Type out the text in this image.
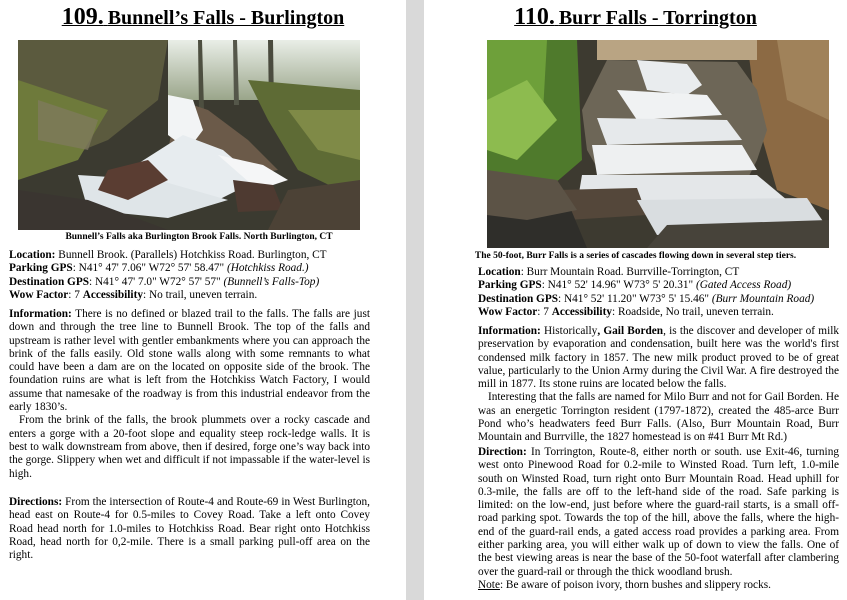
109. Bunnell’s Falls - Burlington
Bunnell’s Falls aka Burlington Brook Falls. North Burlington, CT
Location: Bunnell Brook. (Parallels) Hotchkiss Road. Burlington, CT
Parking GPS: N41° 47' 7.06" W72° 57' 58.47" (Hotchkiss Road.)
Destination GPS: N41° 47' 7.0" W72° 57' 57" (Bunnell’s Falls-Top)
Wow Factor: 7 Accessibility: No trail, uneven terrain.

Information: There is no defined or blazed trail to the falls. The falls are just down and through the tree line to Bunnell Brook. The top of the falls and upstream is rather level with gentler embankments where you can approach the brink of the falls easily. Old stone walls along with some remnants to what could have been a dam are on the located on opposite side of the brook. The foundation ruins are what is left from the Hotchkiss Watch Factory, I would assume that namesake of the roadway is from this industrial endeavor from the early 1830’s.

From the brink of the falls, the brook plummets over a rocky cascade and enters a gorge with a 20-foot slope and equality steep rock-ledge walls. It is best to walk downstream from above, then if desired, forge one’s way back into the gorge. Slippery when wet and difficult if not impassable if the water-level is high.

Directions: From the intersection of Route-4 and Route-69 in West Burlington, head east on Route-4 for 0.5-miles to Covey Road. Take a left onto Covey Road head north for 1.0-miles to Hotchkiss Road. Bear right onto Hotchkiss Road, head north for 0,2-mile. There is a small parking pull-off area on the right.

110. Burr Falls - Torrington
The 50-foot, Burr Falls is a series of cascades flowing down in several step tiers.
Location: Burr Mountain Road. Burrville-Torrington, CT
Parking GPS: N41° 52' 14.96" W73° 5' 20.31" (Gated Access Road)
Destination GPS: N41° 52' 11.20" W73° 5' 15.46" (Burr Mountain Road)
Wow Factor: 7 Accessibility: Roadside, No trail, uneven terrain.

Information: Historically, Gail Borden, is the discover and developer of milk preservation by evaporation and condensation, built here was the world's first condensed milk factory in 1857. The new milk product proved to be of great value, particularly to the Union Army during the Civil War. A fire destroyed the mill in 1877. Its stone ruins are located below the falls.

Interesting that the falls are named for Milo Burr and not for Gail Borden. He was an energetic Torrington resident (1797-1872), created the 485-arce Burr Pond who’s headwaters feed Burr Falls. (Also, Burr Mountain Road, Burr Mountain and Burrville, the 1827 homestead is on #41 Burr Mt Rd.)

Direction: In Torrington, Route-8, either north or south. use Exit-46, turning west onto Pinewood Road for 0.2-mile to Winsted Road. Turn left, 1.0-mile south on Winsted Road, turn right onto Burr Mountain Road. Head uphill for 0.3-mile, the falls are off to the left-hand side of the road. Safe parking is limited: on the low-end, just before where the guard-rail starts, is a small off-road parking spot. Towards the top of the hill, above the falls, where the high-end of the guard-rail ends, a gated access road provides a parking area. From either parking area, you will either walk up of down to view the falls. One of the best viewing areas is near the base of the 50-foot waterfall after clambering over the guard-rail or through the thick woodland brush.

Note: Be aware of poison ivory, thorn bushes and slippery rocks.
